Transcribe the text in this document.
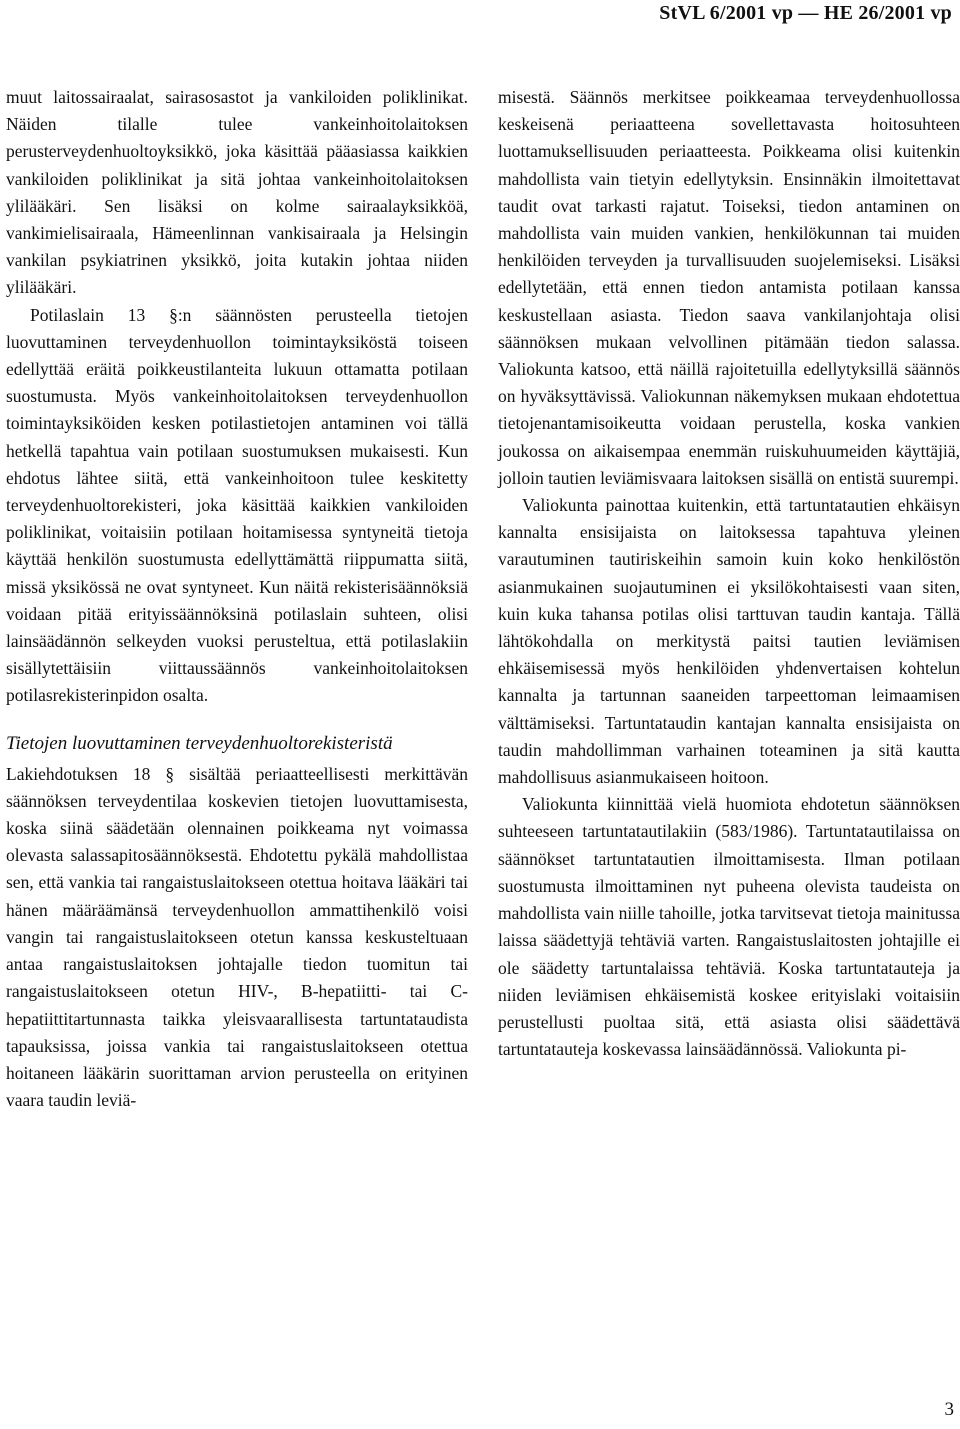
StVL 6/2001 vp — HE 26/2001 vp

muut laitossairaalat, sairasosastot ja vankiloiden poliklinikat. Näiden tilalle tulee vankeinhoitolaitoksen perusterveydenhuoltoyksikkö, joka käsittää pääasiassa kaikkien vankiloiden poliklinikat ja sitä johtaa vankeinhoitolaitoksen ylilääkäri. Sen lisäksi on kolme sairaalayksikköä, vankimielisairaala, Hämeenlinnan vankisairaala ja Helsingin vankilan psykiatrinen yksikkö, joita kutakin johtaa niiden ylilääkäri.

Potilaslain 13 §:n säännösten perusteella tietojen luovuttaminen terveydenhuollon toimintayksiköstä toiseen edellyttää eräitä poikkeustilanteita lukuun ottamatta potilaan suostumusta. Myös vankeinhoitolaitoksen terveydenhuollon toimintayksiköiden kesken potilastietojen antaminen voi tällä hetkellä tapahtua vain potilaan suostumuksen mukaisesti. Kun ehdotus lähtee siitä, että vankeinhoitoon tulee keskitetty terveydenhuoltorekisteri, joka käsittää kaikkien vankiloiden poliklinikat, voitaisiin potilaan hoitamisessa syntyneitä tietoja käyttää henkilön suostumusta edellyttämättä riippumatta siitä, missä yksikössä ne ovat syntyneet. Kun näitä rekisterisäännöksiä voidaan pitää erityissäännöksinä potilaslain suhteen, olisi lainsäädännön selkeyden vuoksi perusteltua, että potilaslakiin sisällytettäisiin viittaussäännös vankeinhoitolaitoksen potilasrekisterinpidon osalta.

Tietojen luovuttaminen terveydenhuoltorekisteristä

Lakiehdotuksen 18 § sisältää periaatteellisesti merkittävän säännöksen terveydentilaa koskevien tietojen luovuttamisesta, koska siinä säädetään olennainen poikkeama nyt voimassa olevasta salassapitosäännöksestä. Ehdotettu pykälä mahdollistaa sen, että vankia tai rangaistuslaitokseen otettua hoitava lääkäri tai hänen määräämänsä terveydenhuollon ammattihenkilö voisi vangin tai rangaistuslaitokseen otetun kanssa keskusteltuaan antaa rangaistuslaitoksen johtajalle tiedon tuomitun tai rangaistuslaitokseen otetun HIV-, B-hepatiitti- tai C-hepatiittitartunnasta taikka yleisvaarallisesta tartuntataudista tapauksissa, joissa vankia tai rangaistuslaitokseen otettua hoitaneen lääkärin suorittaman arvion perusteella on erityinen vaara taudin leviä-

misestä. Säännös merkitsee poikkeamaa terveydenhuollossa keskeisenä periaatteena sovellettavasta hoitosuhteen luottamuksellisuuden periaatteesta. Poikkeama olisi kuitenkin mahdollista vain tietyin edellytyksin. Ensinnäkin ilmoitettavat taudit ovat tarkasti rajatut. Toiseksi, tiedon antaminen on mahdollista vain muiden vankien, henkilökunnan tai muiden henkilöiden terveyden ja turvallisuuden suojelemiseksi. Lisäksi edellytetään, että ennen tiedon antamista potilaan kanssa keskustellaan asiasta. Tiedon saava vankilanjohtaja olisi säännöksen mukaan velvollinen pitämään tiedon salassa. Valiokunta katsoo, että näillä rajoitetuilla edellytyksillä säännös on hyväksyttävissä. Valiokunnan näkemyksen mukaan ehdotettua tietojenantamisoikeutta voidaan perustella, koska vankien joukossa on aikaisempaa enemmän ruiskuhuumeiden käyttäjiä, jolloin tautien leviämisvaara laitoksen sisällä on entistä suurempi.

Valiokunta painottaa kuitenkin, että tartuntatautien ehkäisyn kannalta ensisijaista on laitoksessa tapahtuva yleinen varautuminen tautiriskeihin samoin kuin koko henkilöstön asianmukainen suojautuminen ei yksilökohtaisesti vaan siten, kuin kuka tahansa potilas olisi tarttuvan taudin kantaja. Tällä lähtökohdalla on merkitystä paitsi tautien leviämisen ehkäisemisessä myös henkilöiden yhdenvertaisen kohtelun kannalta ja tartunnan saaneiden tarpeettoman leimaamisen välttämiseksi. Tartuntataudin kantajan kannalta ensisijaista on taudin mahdollimman varhainen toteaminen ja sitä kautta mahdollisuus asianmukaiseen hoitoon.

Valiokunta kiinnittää vielä huomiota ehdotetun säännöksen suhteeseen tartuntatautilakiin (583/1986). Tartuntatautilaissa on säännökset tartuntatautien ilmoittamisesta. Ilman potilaan suostumusta ilmoittaminen nyt puheena olevista taudeista on mahdollista vain niille tahoille, jotka tarvitsevat tietoja mainitussa laissa säädettyjä tehtäviä varten. Rangaistuslaitosten johtajille ei ole säädetty tartuntalaissa tehtäviä. Koska tartuntatauteja ja niiden leviämisen ehkäisemistä koskee erityislaki voitaisiin perustellusti puoltaa sitä, että asiasta olisi säädettävä tartuntatauteja koskevassa lainsäädännössä. Valiokunta pi-

3
